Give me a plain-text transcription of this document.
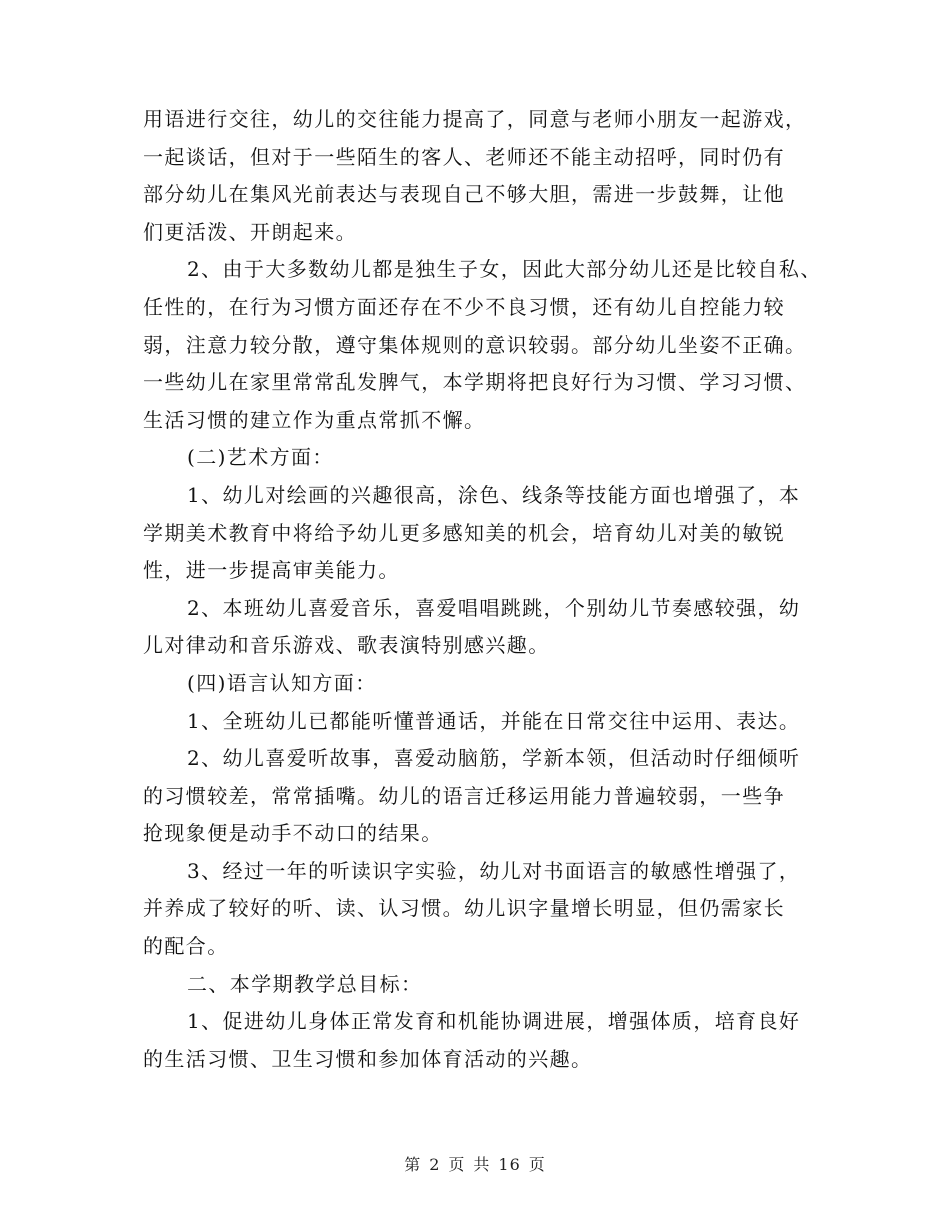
用语进行交往，幼儿的交往能力提高了，同意与老师小朋友一起游戏，
一起谈话，但对于一些陌生的客人、老师还不能主动招呼，同时仍有
部分幼儿在集风光前表达与表现自己不够大胆，需进一步鼓舞，让他
们更活泼、开朗起来。
2、由于大多数幼儿都是独生子女，因此大部分幼儿还是比较自私、
任性的，在行为习惯方面还存在不少不良习惯，还有幼儿自控能力较
弱，注意力较分散，遵守集体规则的意识较弱。部分幼儿坐姿不正确。
一些幼儿在家里常常乱发脾气，本学期将把良好行为习惯、学习习惯、
生活习惯的建立作为重点常抓不懈。
(二)艺术方面：
1、幼儿对绘画的兴趣很高，涂色、线条等技能方面也增强了，本
学期美术教育中将给予幼儿更多感知美的机会，培育幼儿对美的敏锐
性，进一步提高审美能力。
2、本班幼儿喜爱音乐，喜爱唱唱跳跳，个别幼儿节奏感较强，幼
儿对律动和音乐游戏、歌表演特别感兴趣。
(四)语言认知方面：
1、全班幼儿已都能听懂普通话，并能在日常交往中运用、表达。
2、幼儿喜爱听故事，喜爱动脑筋，学新本领，但活动时仔细倾听
的习惯较差，常常插嘴。幼儿的语言迁移运用能力普遍较弱，一些争
抢现象便是动手不动口的结果。
3、经过一年的听读识字实验，幼儿对书面语言的敏感性增强了，
并养成了较好的听、读、认习惯。幼儿识字量增长明显，但仍需家长
的配合。
二、本学期教学总目标：
1、促进幼儿身体正常发育和机能协调进展，增强体质，培育良好
的生活习惯、卫生习惯和参加体育活动的兴趣。
第 2 页 共 16 页
